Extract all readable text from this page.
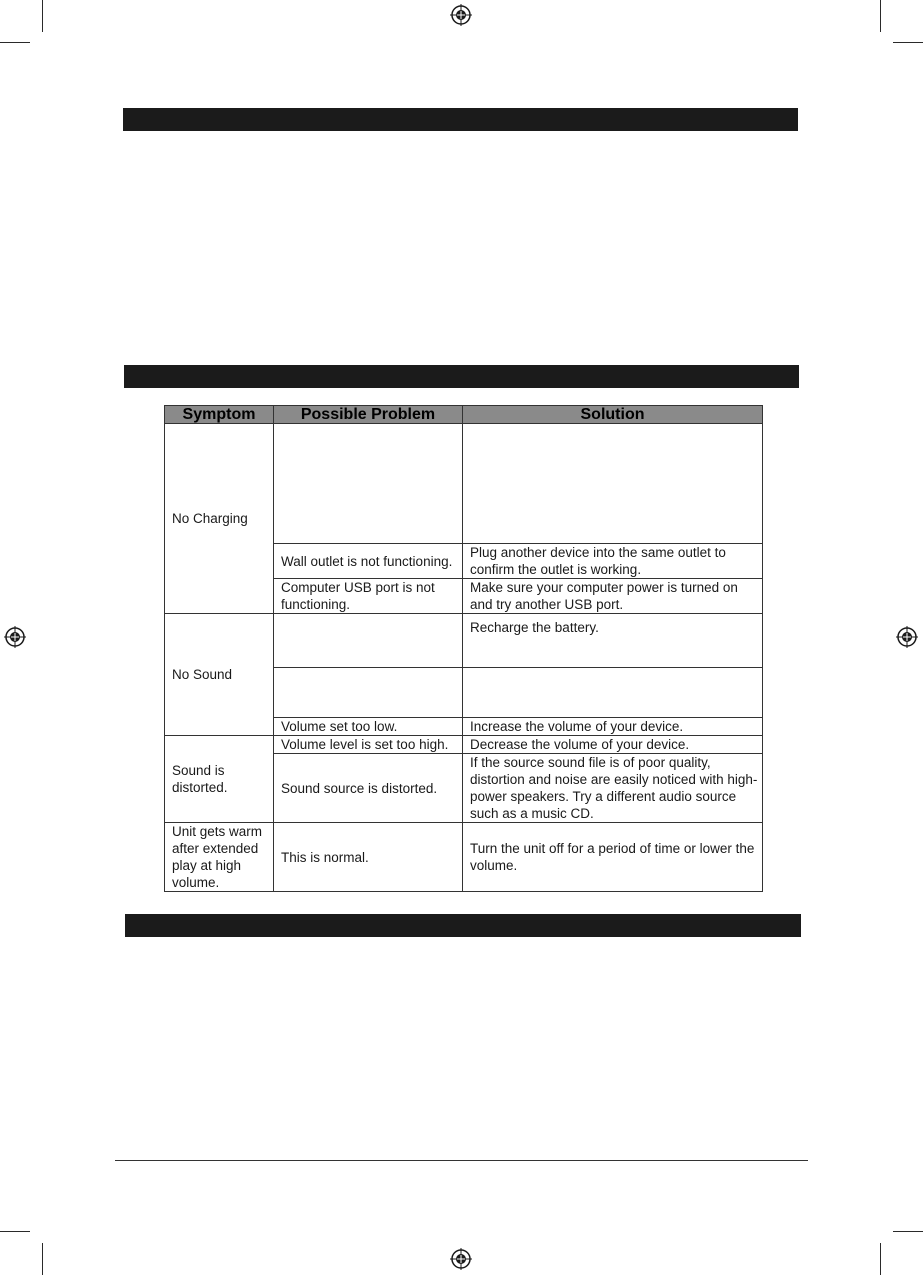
Symptom	Possible Problem	Solution
No Charging		
	Wall outlet is not functioning.	Plug another device into the same outlet to confirm the outlet is working.
	Computer USB port is not functioning.	Make sure your computer power is turned on and try another USB port.
No Sound		Recharge the battery.

	Volume set too low.	Increase the volume of your device.
Sound is distorted.	Volume level is set too high.	Decrease the volume of your device.
	Sound source is distorted.	If the source sound file is of poor quality, distortion and noise are easily noticed with high-power speakers. Try a different audio source such as a music CD.
Unit gets warm after extended play at high volume.	This is normal.	Turn the unit off for a period of time or lower the volume.
